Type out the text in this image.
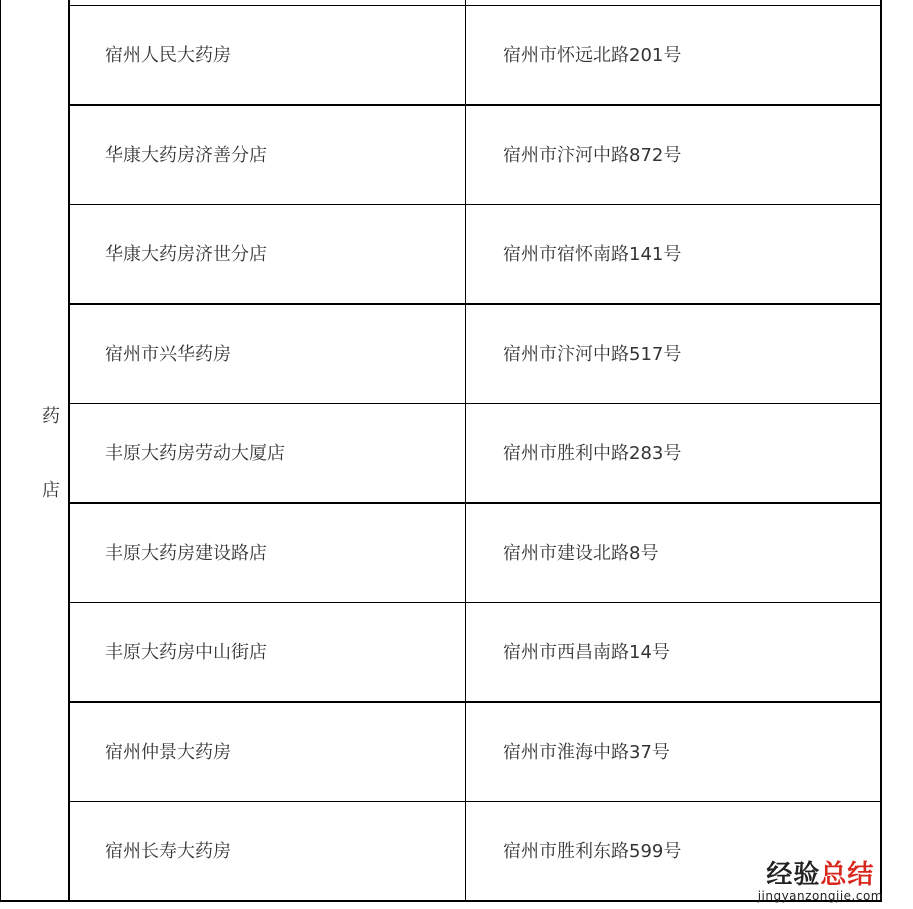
药
店
宿州人民大药房	宿州市怀远北路201号
华康大药房济善分店	宿州市汴河中路872号
华康大药房济世分店	宿州市宿怀南路141号
宿州市兴华药房	宿州市汴河中路517号
丰原大药房劳动大厦店	宿州市胜利中路283号
丰原大药房建设路店	宿州市建设北路8号
丰原大药房中山街店	宿州市西昌南路14号
宿州仲景大药房	宿州市淮海中路37号
宿州长寿大药房	宿州市胜利东路599号
经验总结
jingyanzongjie.com
